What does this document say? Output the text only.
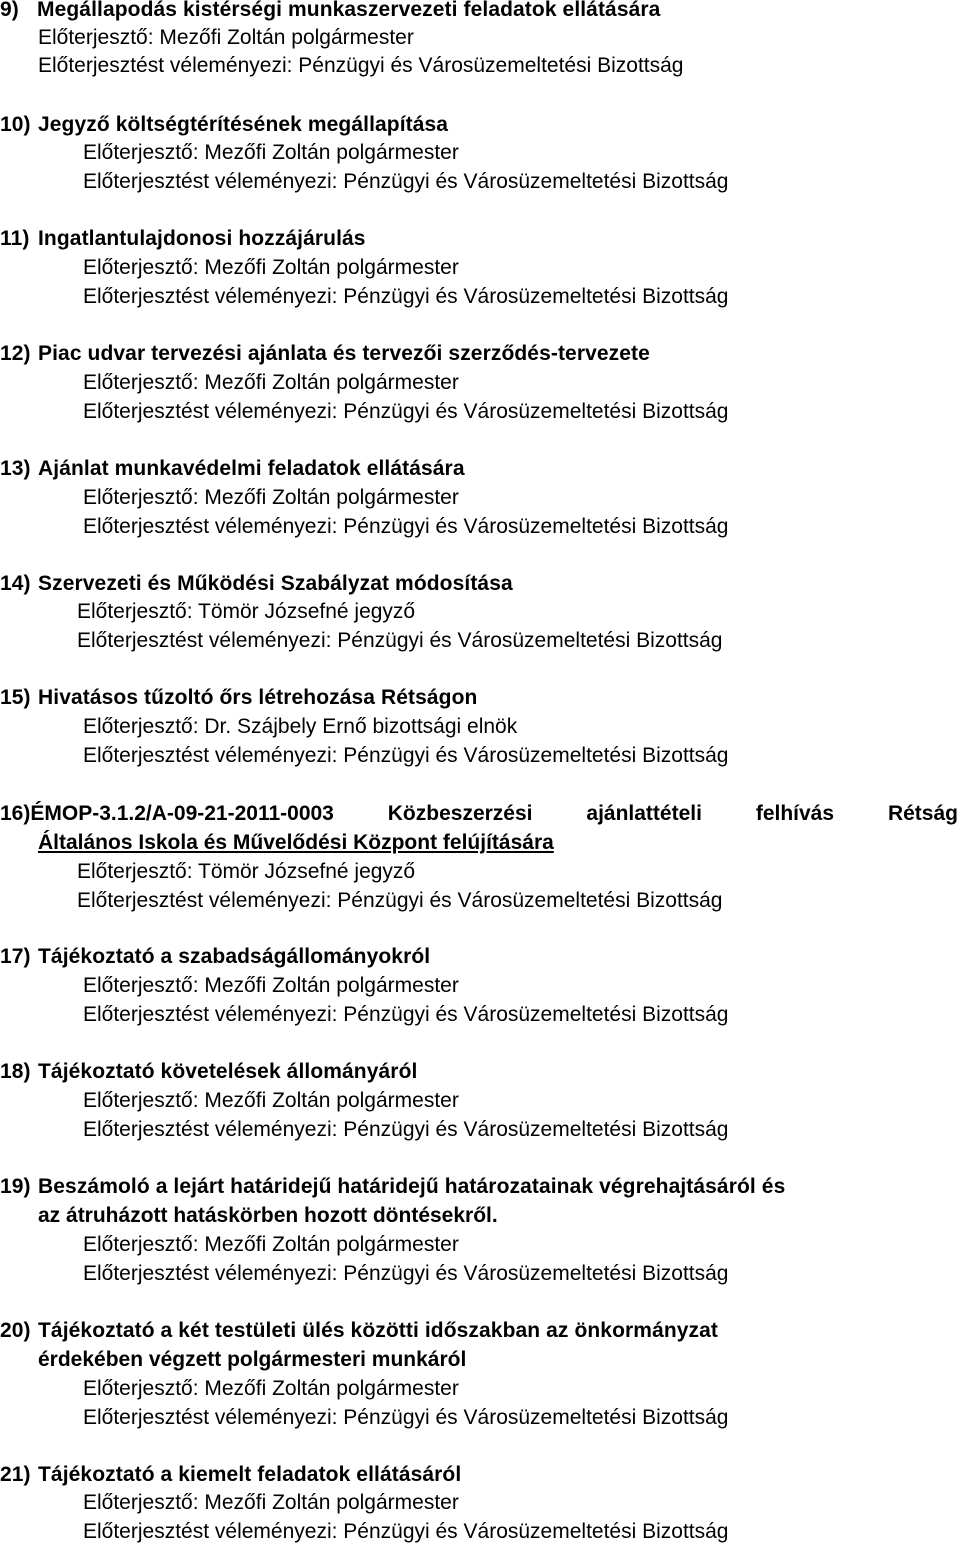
9) Megállapodás kistérségi munkaszervezeti feladatok ellátására
Előterjesztő: Mezőfi Zoltán polgármester
Előterjesztést véleményezi: Pénzügyi és Városüzemeltetési Bizottság
10) Jegyző költségtérítésének megállapítása
Előterjesztő: Mezőfi Zoltán polgármester
Előterjesztést véleményezi: Pénzügyi és Városüzemeltetési Bizottság
11) Ingatlantulajdonosi hozzájárulás
Előterjesztő: Mezőfi Zoltán polgármester
Előterjesztést véleményezi: Pénzügyi és Városüzemeltetési Bizottság
12) Piac udvar tervezési ajánlata és tervezői szerződés-tervezete
Előterjesztő: Mezőfi Zoltán polgármester
Előterjesztést véleményezi: Pénzügyi és Városüzemeltetési Bizottság
13) Ajánlat munkavédelmi feladatok ellátására
Előterjesztő: Mezőfi Zoltán polgármester
Előterjesztést véleményezi: Pénzügyi és Városüzemeltetési Bizottság
14) Szervezeti és Működési Szabályzat módosítása
Előterjesztő: Tömör Józsefné jegyző
Előterjesztést véleményezi: Pénzügyi és Városüzemeltetési Bizottság
15) Hivatásos tűzoltó őrs létrehozása Rétságon
Előterjesztő: Dr. Szájbely Ernő bizottsági elnök
Előterjesztést véleményezi: Pénzügyi és Városüzemeltetési Bizottság
16)ÉMOP-3.1.2/A-09-21-2011-0003	Közbeszerzési	ajánlattételi	felhívás	Rétság
Általános Iskola és Művelődési Központ felújítására
Előterjesztő: Tömör Józsefné jegyző
Előterjesztést véleményezi: Pénzügyi és Városüzemeltetési Bizottság
17) Tájékoztató a szabadságállományokról
Előterjesztő: Mezőfi Zoltán polgármester
Előterjesztést véleményezi: Pénzügyi és Városüzemeltetési Bizottság
18) Tájékoztató követelések állományáról
Előterjesztő: Mezőfi Zoltán polgármester
Előterjesztést véleményezi: Pénzügyi és Városüzemeltetési Bizottság
19) Beszámoló a lejárt határidejű határidejű határozatainak végrehajtásáról és
az átruházott hatáskörben hozott döntésekről.
Előterjesztő: Mezőfi Zoltán polgármester
Előterjesztést véleményezi: Pénzügyi és Városüzemeltetési Bizottság
20) Tájékoztató a két testületi ülés közötti időszakban az önkormányzat
érdekében végzett polgármesteri munkáról
Előterjesztő: Mezőfi Zoltán polgármester
Előterjesztést véleményezi: Pénzügyi és Városüzemeltetési Bizottság
21) Tájékoztató a kiemelt feladatok ellátásáról
Előterjesztő: Mezőfi Zoltán polgármester
Előterjesztést véleményezi: Pénzügyi és Városüzemeltetési Bizottság
